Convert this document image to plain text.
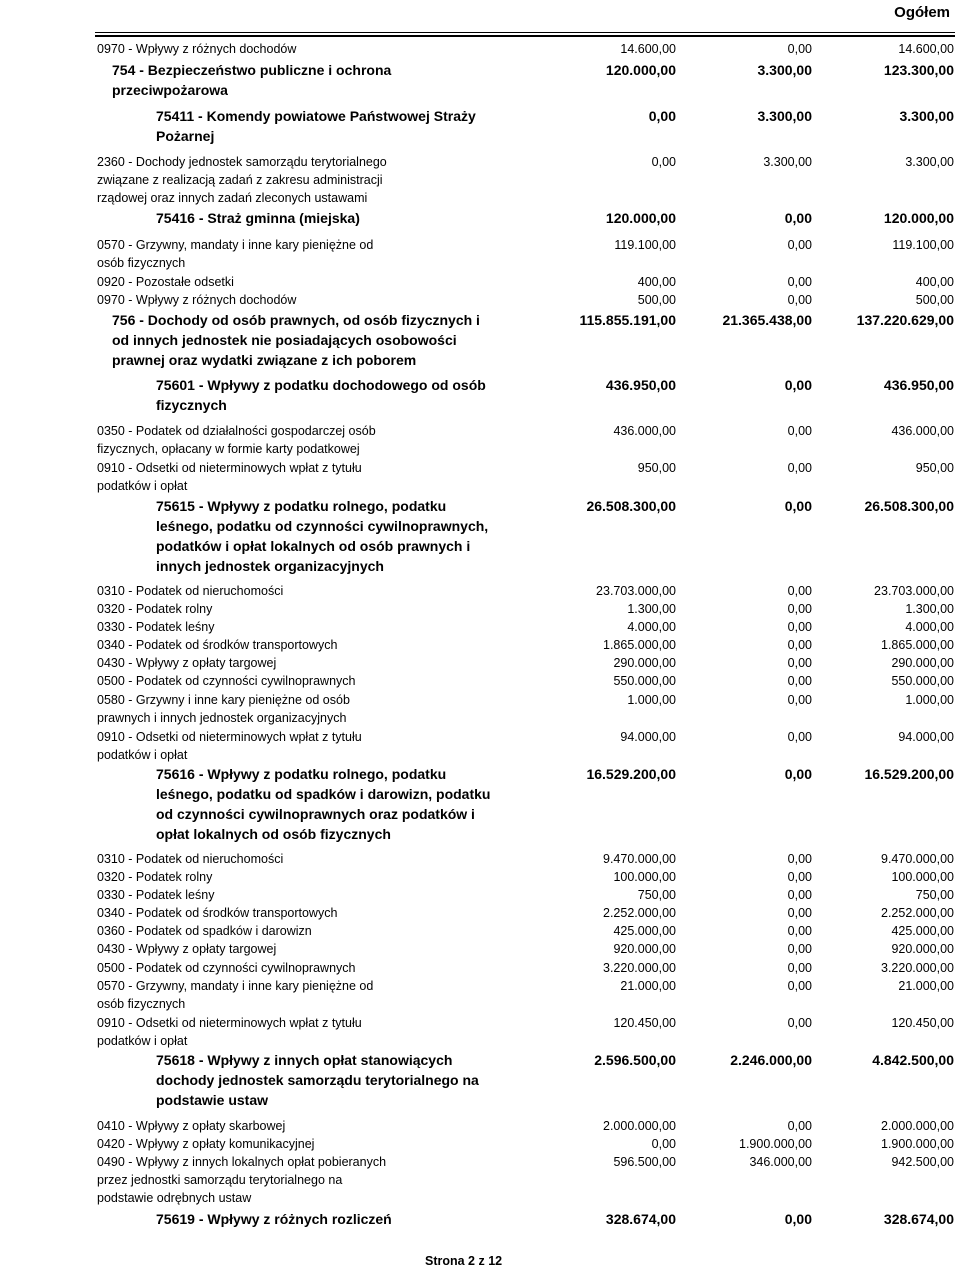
Ogółem
0970 - Wpływy z różnych dochodów	14.600,00	0,00	14.600,00
754 - Bezpieczeństwo publiczne i ochrona
przeciwpożarowa
120.000,00	3.300,00	123.300,00
75411 - Komendy powiatowe Państwowej Straży
Pożarnej
0,00	3.300,00	3.300,00
2360 - Dochody jednostek samorządu terytorialnego
związane z realizacją zadań z zakresu administracji
rządowej oraz innych zadań zleconych ustawami
0,00	3.300,00	3.300,00
75416 - Straż gminna (miejska)	120.000,00	0,00	120.000,00
0570 - Grzywny, mandaty i inne kary pieniężne od
osób fizycznych
119.100,00	0,00	119.100,00
0920 - Pozostałe odsetki	400,00	0,00	400,00
0970 - Wpływy z różnych dochodów	500,00	0,00	500,00
756 - Dochody od osób prawnych, od osób fizycznych i
od innych jednostek nie posiadających osobowości
prawnej oraz wydatki związane z ich poborem
115.855.191,00	21.365.438,00	137.220.629,00
75601 - Wpływy z podatku dochodowego od osób
fizycznych
436.950,00	0,00	436.950,00
0350 - Podatek od działalności gospodarczej osób
fizycznych, opłacany w formie karty podatkowej
436.000,00	0,00	436.000,00
0910 - Odsetki od nieterminowych wpłat z tytułu
podatków i opłat
950,00	0,00	950,00
75615 - Wpływy z podatku rolnego, podatku
leśnego, podatku od czynności cywilnoprawnych,
podatków i opłat lokalnych od osób prawnych i
innych jednostek organizacyjnych
26.508.300,00	0,00	26.508.300,00
0310 - Podatek od nieruchomości	23.703.000,00	0,00	23.703.000,00
0320 - Podatek rolny	1.300,00	0,00	1.300,00
0330 - Podatek leśny	4.000,00	0,00	4.000,00
0340 - Podatek od środków transportowych	1.865.000,00	0,00	1.865.000,00
0430 - Wpływy z opłaty targowej	290.000,00	0,00	290.000,00
0500 - Podatek od czynności cywilnoprawnych	550.000,00	0,00	550.000,00
0580 - Grzywny i inne kary pieniężne od osób
prawnych i innych jednostek organizacyjnych
1.000,00	0,00	1.000,00
0910 - Odsetki od nieterminowych wpłat z tytułu
podatków i opłat
94.000,00	0,00	94.000,00
75616 - Wpływy z podatku rolnego, podatku
leśnego, podatku od spadków i darowizn, podatku
od czynności cywilnoprawnych oraz podatków i
opłat lokalnych od osób fizycznych
16.529.200,00	0,00	16.529.200,00
0310 - Podatek od nieruchomości	9.470.000,00	0,00	9.470.000,00
0320 - Podatek rolny	100.000,00	0,00	100.000,00
0330 - Podatek leśny	750,00	0,00	750,00
0340 - Podatek od środków transportowych	2.252.000,00	0,00	2.252.000,00
0360 - Podatek od spadków i darowizn	425.000,00	0,00	425.000,00
0430 - Wpływy z opłaty targowej	920.000,00	0,00	920.000,00
0500 - Podatek od czynności cywilnoprawnych	3.220.000,00	0,00	3.220.000,00
0570 - Grzywny, mandaty i inne kary pieniężne od
osób fizycznych
21.000,00	0,00	21.000,00
0910 - Odsetki od nieterminowych wpłat z tytułu
podatków i opłat
120.450,00	0,00	120.450,00
75618 - Wpływy z innych opłat stanowiących
dochody jednostek samorządu terytorialnego na
podstawie ustaw
2.596.500,00	2.246.000,00	4.842.500,00
0410 - Wpływy z opłaty skarbowej	2.000.000,00	0,00	2.000.000,00
0420 - Wpływy z opłaty komunikacyjnej	0,00	1.900.000,00	1.900.000,00
0490 - Wpływy z innych lokalnych opłat pobieranych
przez jednostki samorządu terytorialnego na
podstawie odrębnych ustaw
596.500,00	346.000,00	942.500,00
75619 - Wpływy z różnych rozliczeń	328.674,00	0,00	328.674,00
Strona 2 z 12
